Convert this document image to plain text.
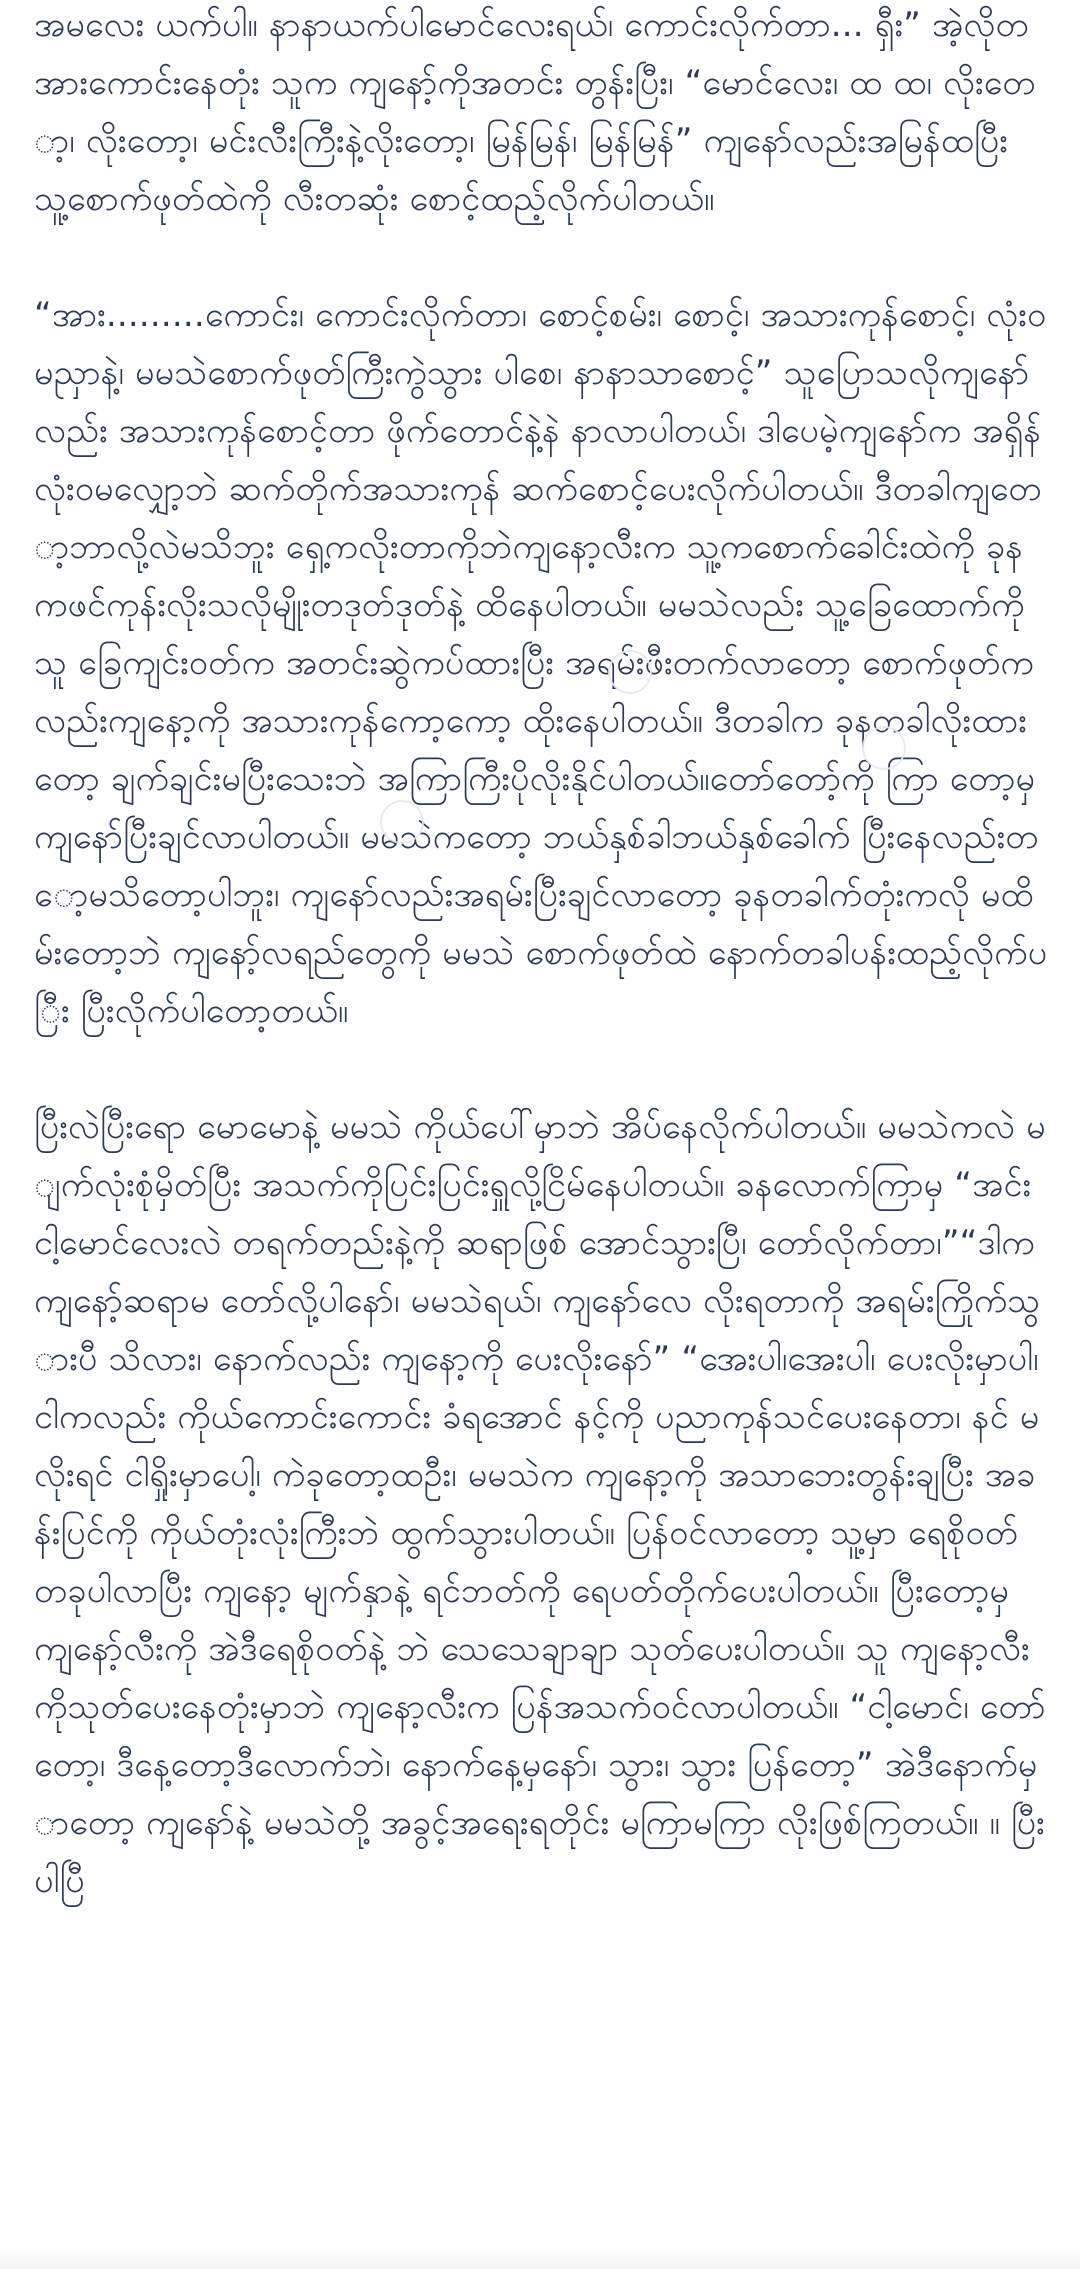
အမလေး ယက်ပါ။ နာနာယက်ပါမောင်လေးရယ်၊ ကောင်းလိုက်တာ... ရှီး” အဲ့လိုတအားကောင်းနေတုံး သူက ကျနော့်ကိုအတင်း တွန်းပြီး၊ “မောင်လေး၊ ထ ထ၊ လိုးတော့၊ လိုးတော့၊ မင်းလီးကြီးနဲ့လိုးတော့၊ မြန်မြန်၊ မြန်မြန်” ကျနော်လည်းအမြန်ထပြီး သူ့စောက်ဖုတ်ထဲကို လီးတဆုံး စောင့်ထည့်လိုက်ပါတယ်။

“အား.........ကောင်း၊ ကောင်းလိုက်တာ၊ စောင့်စမ်း၊ စောင့်၊ အသားကုန်စောင့်၊ လုံးဝမညှာနဲ့၊ မမသဲစောက်ဖုတ်ကြီးကွဲသွား ပါစေ၊ နာနာသာစောင့်” သူပြောသလိုကျနော်လည်း အသားကုန်စောင့်တာ ဖိုက်တောင်နဲ့နဲ နာလာပါတယ်၊ ဒါပေမဲ့ကျနော်က အရှိန်လုံးဝမလျှော့ဘဲ ဆက်တိုက်အသားကုန် ဆက်စောင့်ပေးလိုက်ပါတယ်။ ဒီတခါကျတော့ဘာလို့လဲမသိဘူး ရှေ့ကလိုးတာကိုဘဲကျနော့လီးက သူ့ကစောက်ခေါင်းထဲကို ခုနကဖင်ကုန်းလိုးသလိုမျိုးတဒုတ်ဒုတ်နဲ့ ထိနေပါတယ်။ မမသဲလည်း သူ့ခြေထောက်ကိုသူ ခြေကျင်းဝတ်က အတင်းဆွဲကပ်ထားပြီး အရမ်းဖီးတက်လာတော့ စောက်ဖုတ်ကလည်းကျနော့ကို အသားကုန်ကော့ကော့ ထိုးနေပါတယ်။ ဒီတခါက ခုနတခါလိုးထားတော့ ချက်ချင်းမပြီးသေးဘဲ အကြာကြီးပိုလိုးနိုင်ပါတယ်။တော်တော့်ကို ကြာ တော့မှ ကျနော်ပြီးချင်လာပါတယ်။ မမသဲကတော့ ဘယ်နှစ်ခါဘယ်နှစ်ခေါက် ပြီးနေလည်းတော့မသိတော့ပါဘူး၊ ကျနော်လည်းအရမ်းပြီးချင်လာတော့ ခုနတခါက်တုံးကလို မထိမ်းတော့ဘဲ ကျနော့်လရည်တွေကို မမသဲ စောက်ဖုတ်ထဲ နောက်တခါပန်းထည့်လိုက်ပြီး ပြီးလိုက်ပါတော့တယ်။

ပြီးလဲပြီးရော မောမောနဲ့ မမသဲ ကိုယ်ပေါ်မှာဘဲ အိပ်နေလိုက်ပါတယ်။ မမသဲကလဲ မျက်လုံးစုံမှိတ်ပြီး အသက်ကိုပြင်းပြင်းရှူလို့ငြိမ်နေပါတယ်။ ခနလောက်ကြာမှ “အင်း ငါ့မောင်လေးလဲ တရက်တည်းနဲ့ကို ဆရာဖြစ် အောင်သွားပြီ၊ တော်လိုက်တာ၊”“ဒါကကျနော့်ဆရာမ တော်လို့ပါနော်၊ မမသဲရယ်၊ ကျနော်လေ လိုးရတာကို အရမ်းကြိုက်သွားပီ သိလား၊ နောက်လည်း ကျနော့ကို ပေးလိုးနော်” “အေးပါ၊အေးပါ၊ ပေးလိုးမှာပါ၊ ငါကလည်း ကိုယ်ကောင်းကောင်း ခံရအောင် နင့်ကို ပညာကုန်သင်ပေးနေတာ၊ နင် မလိုးရင် ငါရှိုးမှာပေါ့၊ ကဲခုတော့ထဦး၊ မမသဲက ကျနော့ကို အသာဘေးတွန်းချပြီး အခန်းပြင်ကို ကိုယ်တုံးလုံးကြီးဘဲ ထွက်သွားပါတယ်။ ပြန်ဝင်လာတော့ သူ့မှာ ရေစိုဝတ်တခုပါလာပြီး ကျနော့ မျက်နှာနဲ့ ရင်ဘတ်ကို ရေပတ်တိုက်ပေးပါတယ်။ ပြီးတော့မှ ကျနော့်လီးကို အဲဒီရေစိုဝတ်နဲ့ ဘဲ သေသေချာချာ သုတ်ပေးပါတယ်။ သူ ကျနော့လီးကိုသုတ်ပေးနေတုံးမှာဘဲ ကျနော့လီးက ပြန်အသက်ဝင်လာပါတယ်။ “ငါ့မောင်၊ တော်တော့၊ ဒီနေ့တော့ဒီလောက်ဘဲ၊ နောက်နေ့မှနော်၊ သွား၊ သွား ပြန်တော့” အဲဒီနောက်မှာတော့ ကျနော်နဲ့ မမသဲတို့ အခွင့်အရေးရတိုင်း မကြာမကြာ လိုးဖြစ်ကြတယ်။ ။ ပြီးပါပြီ
